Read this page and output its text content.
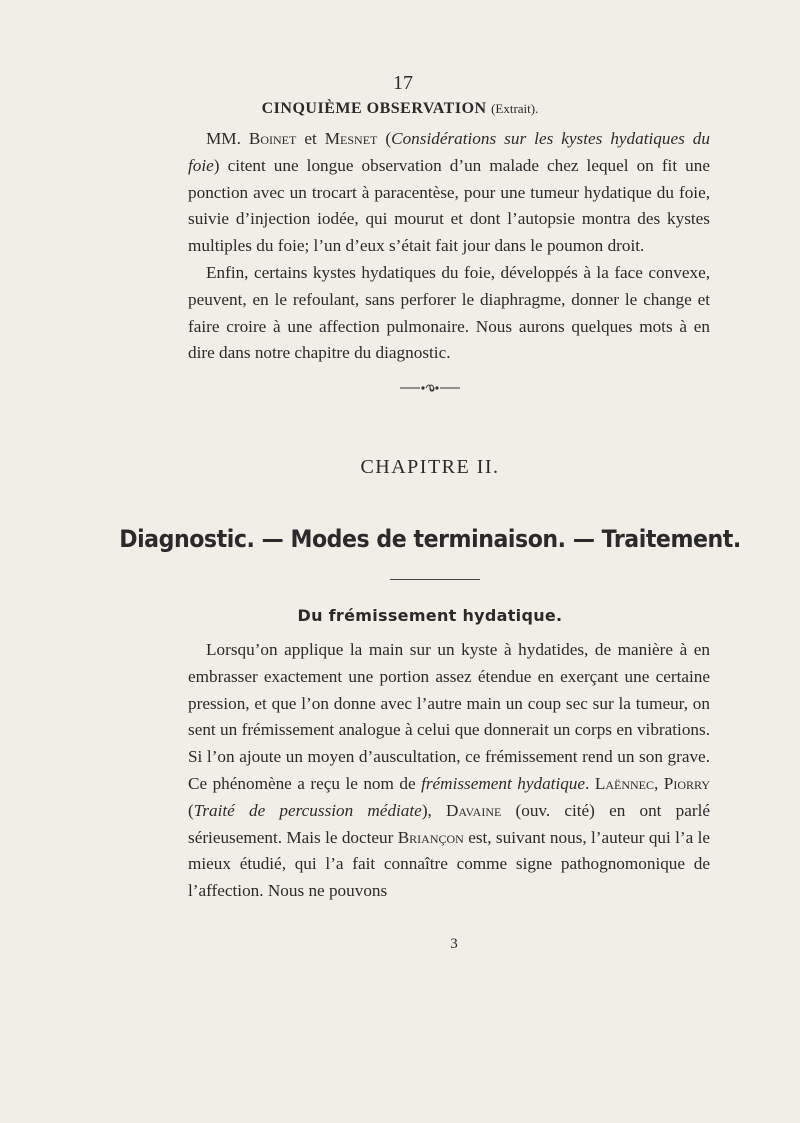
17
CINQUIÈME OBSERVATION (Extrait).

MM. Boinet et Mesnet (Considérations sur les kystes hydatiques du foie) citent une longue observation d’un malade chez lequel on fit une ponction avec un trocart à paracentèse, pour une tumeur hydatique du foie, suivie d’injection iodée, qui mourut et dont l’autopsie montra des kystes multiples du foie; l’un d’eux s’était fait jour dans le poumon droit.

Enfin, certains kystes hydatiques du foie, développés à la face convexe, peuvent, en le refoulant, sans perforer le diaphragme, donner le change et faire croire à une affection pulmonaire. Nous aurons quelques mots à en dire dans notre chapitre du diagnostic.

CHAPITRE II.
Diagnostic. — Modes de terminaison. — Traitement.
Du frémissement hydatique.

Lorsqu’on applique la main sur un kyste à hydatides, de manière à en embrasser exactement une portion assez étendue en exerçant une certaine pression, et que l’on donne avec l’autre main un coup sec sur la tumeur, on sent un frémissement analogue à celui que donnerait un corps en vibrations. Si l’on ajoute un moyen d’auscultation, ce frémissement rend un son grave. Ce phénomène a reçu le nom de frémissement hydatique. Laënnec, Piorry (Traité de percussion médiate), Davaine (ouv. cité) en ont parlé sérieusement. Mais le docteur Briançon est, suivant nous, l’auteur qui l’a le mieux étudié, qui l’a fait connaître comme signe pathognomonique de l’affection. Nous ne pouvons

3
